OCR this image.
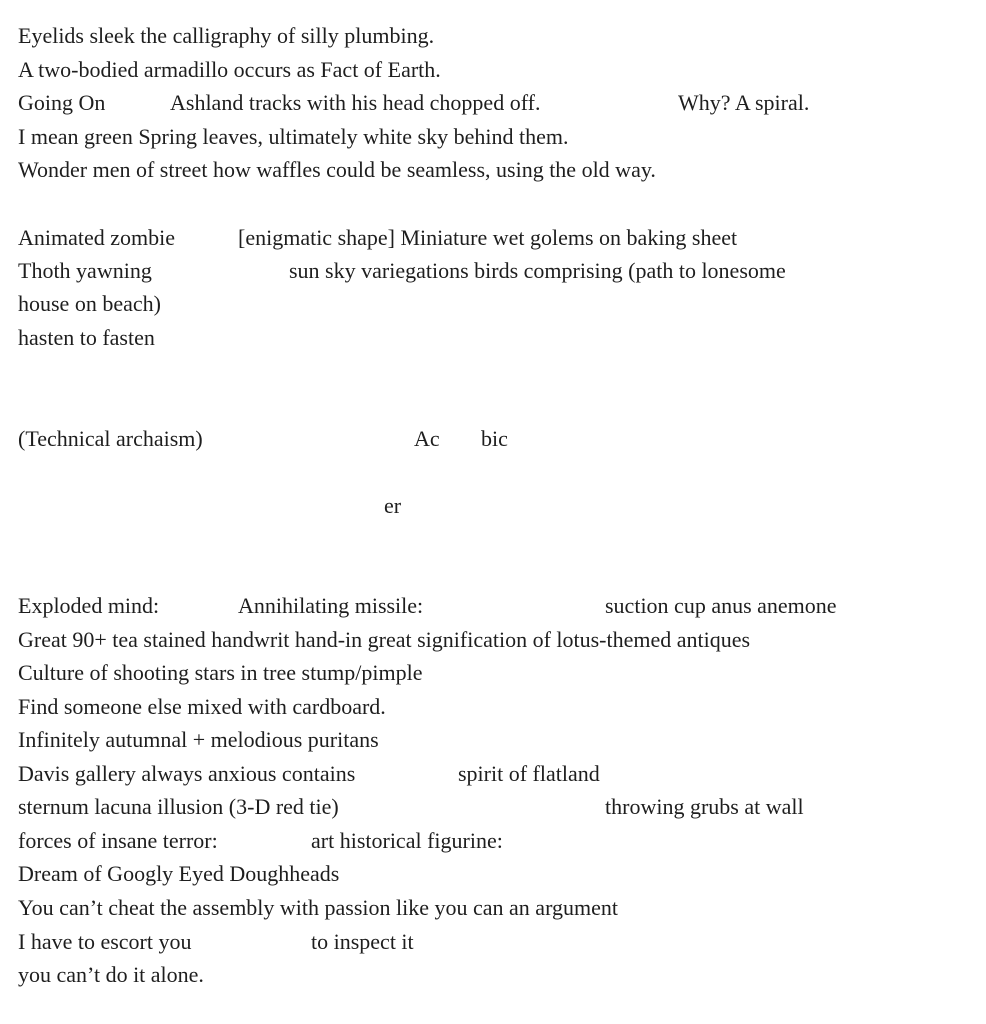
Eyelids sleek the calligraphy of silly plumbing.
A two-bodied armadillo occurs as Fact of Earth.
Going On	Ashland tracks with his head chopped off.	Why? A spiral.
I mean green Spring leaves, ultimately white sky behind them.
Wonder men of street how waffles could be seamless, using the old way.
Animated zombie	[enigmatic shape] Miniature wet golems on baking sheet
Thoth yawning	sun sky variegations birds comprising (path to lonesome
house on beach)
hasten to fasten
(Technical archaism)	Ac bic
er
Exploded mind:	Annihilating missile:	suction cup anus anemone
Great 90+ tea stained handwrit hand-in great signification of lotus-themed antiques
Culture of shooting stars in tree stump/pimple
Find someone else mixed with cardboard.
Infinitely autumnal + melodious puritans
Davis gallery always anxious contains	spirit of flatland
sternum lacuna illusion (3-D red tie)	throwing grubs at wall
forces of insane terror:	art historical figurine:
Dream of Googly Eyed Doughheads
You can’t cheat the assembly with passion like you can an argument
I have to escort you	to inspect it
you can’t do it alone.
